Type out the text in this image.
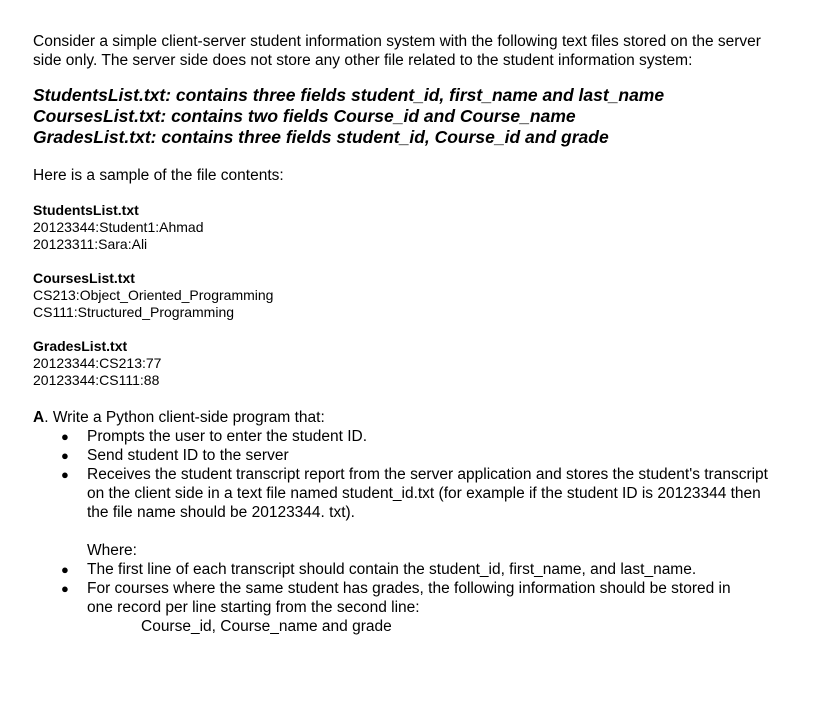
Consider a simple client-server student information system with the following text files stored on the server side only. The server side does not store any other file related to the student information system:

StudentsList.txt: contains three fields student_id, first_name and last_name
CoursesList.txt: contains two fields Course_id and Course_name
GradesList.txt: contains three fields student_id, Course_id and grade
Here is a sample of the file contents:
StudentsList.txt
20123344:Student1:Ahmad
20123311:Sara:Ali
CoursesList.txt
CS213:Object_Oriented_Programming
CS111:Structured_Programming
GradesList.txt
20123344:CS213:77
20123344:CS111:88
A. Write a Python client-side program that:
● Prompts the user to enter the student ID.
● Send student ID to the server
● Receives the student transcript report from the server application and stores the student's transcript on the client side in a text file named student_id.txt (for example if the student ID is 20123344 then the file name should be 20123344. txt).
Where:
● The first line of each transcript should contain the student_id, first_name, and last_name.
● For courses where the same student has grades, the following information should be stored in one record per line starting from the second line:
Course_id, Course_name and grade
